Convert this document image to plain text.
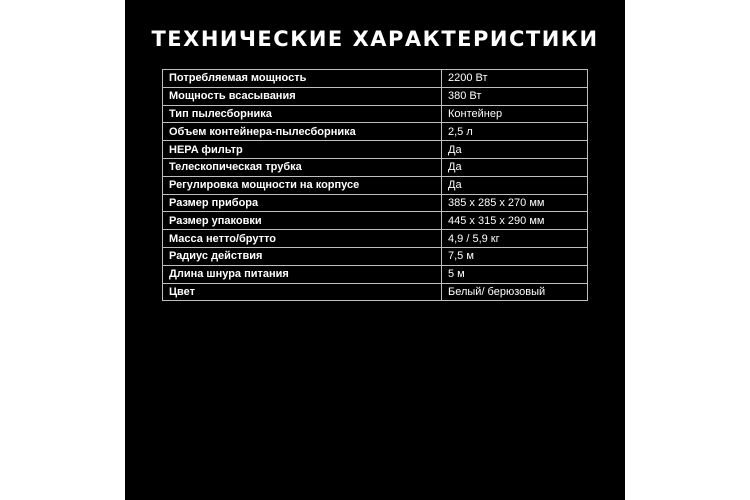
ТЕХНИЧЕСКИЕ ХАРАКТЕРИСТИКИ
Потребляемая мощность	2200 Вт
Мощность всасывания	380 Вт
Тип пылесборника	Контейнер
Объем контейнера-пылесборника	2,5 л
HEPA фильтр	Да
Телескопическая трубка	Да
Регулировка мощности на корпусе	Да
Размер прибора	385 х 285 х 270 мм
Размер упаковки	445 х 315 х 290 мм
Масса нетто/брутто	4,9 / 5,9 кг
Радиус действия	7,5 м
Длина шнура питания	5 м
Цвет	Белый/ берюзовый
